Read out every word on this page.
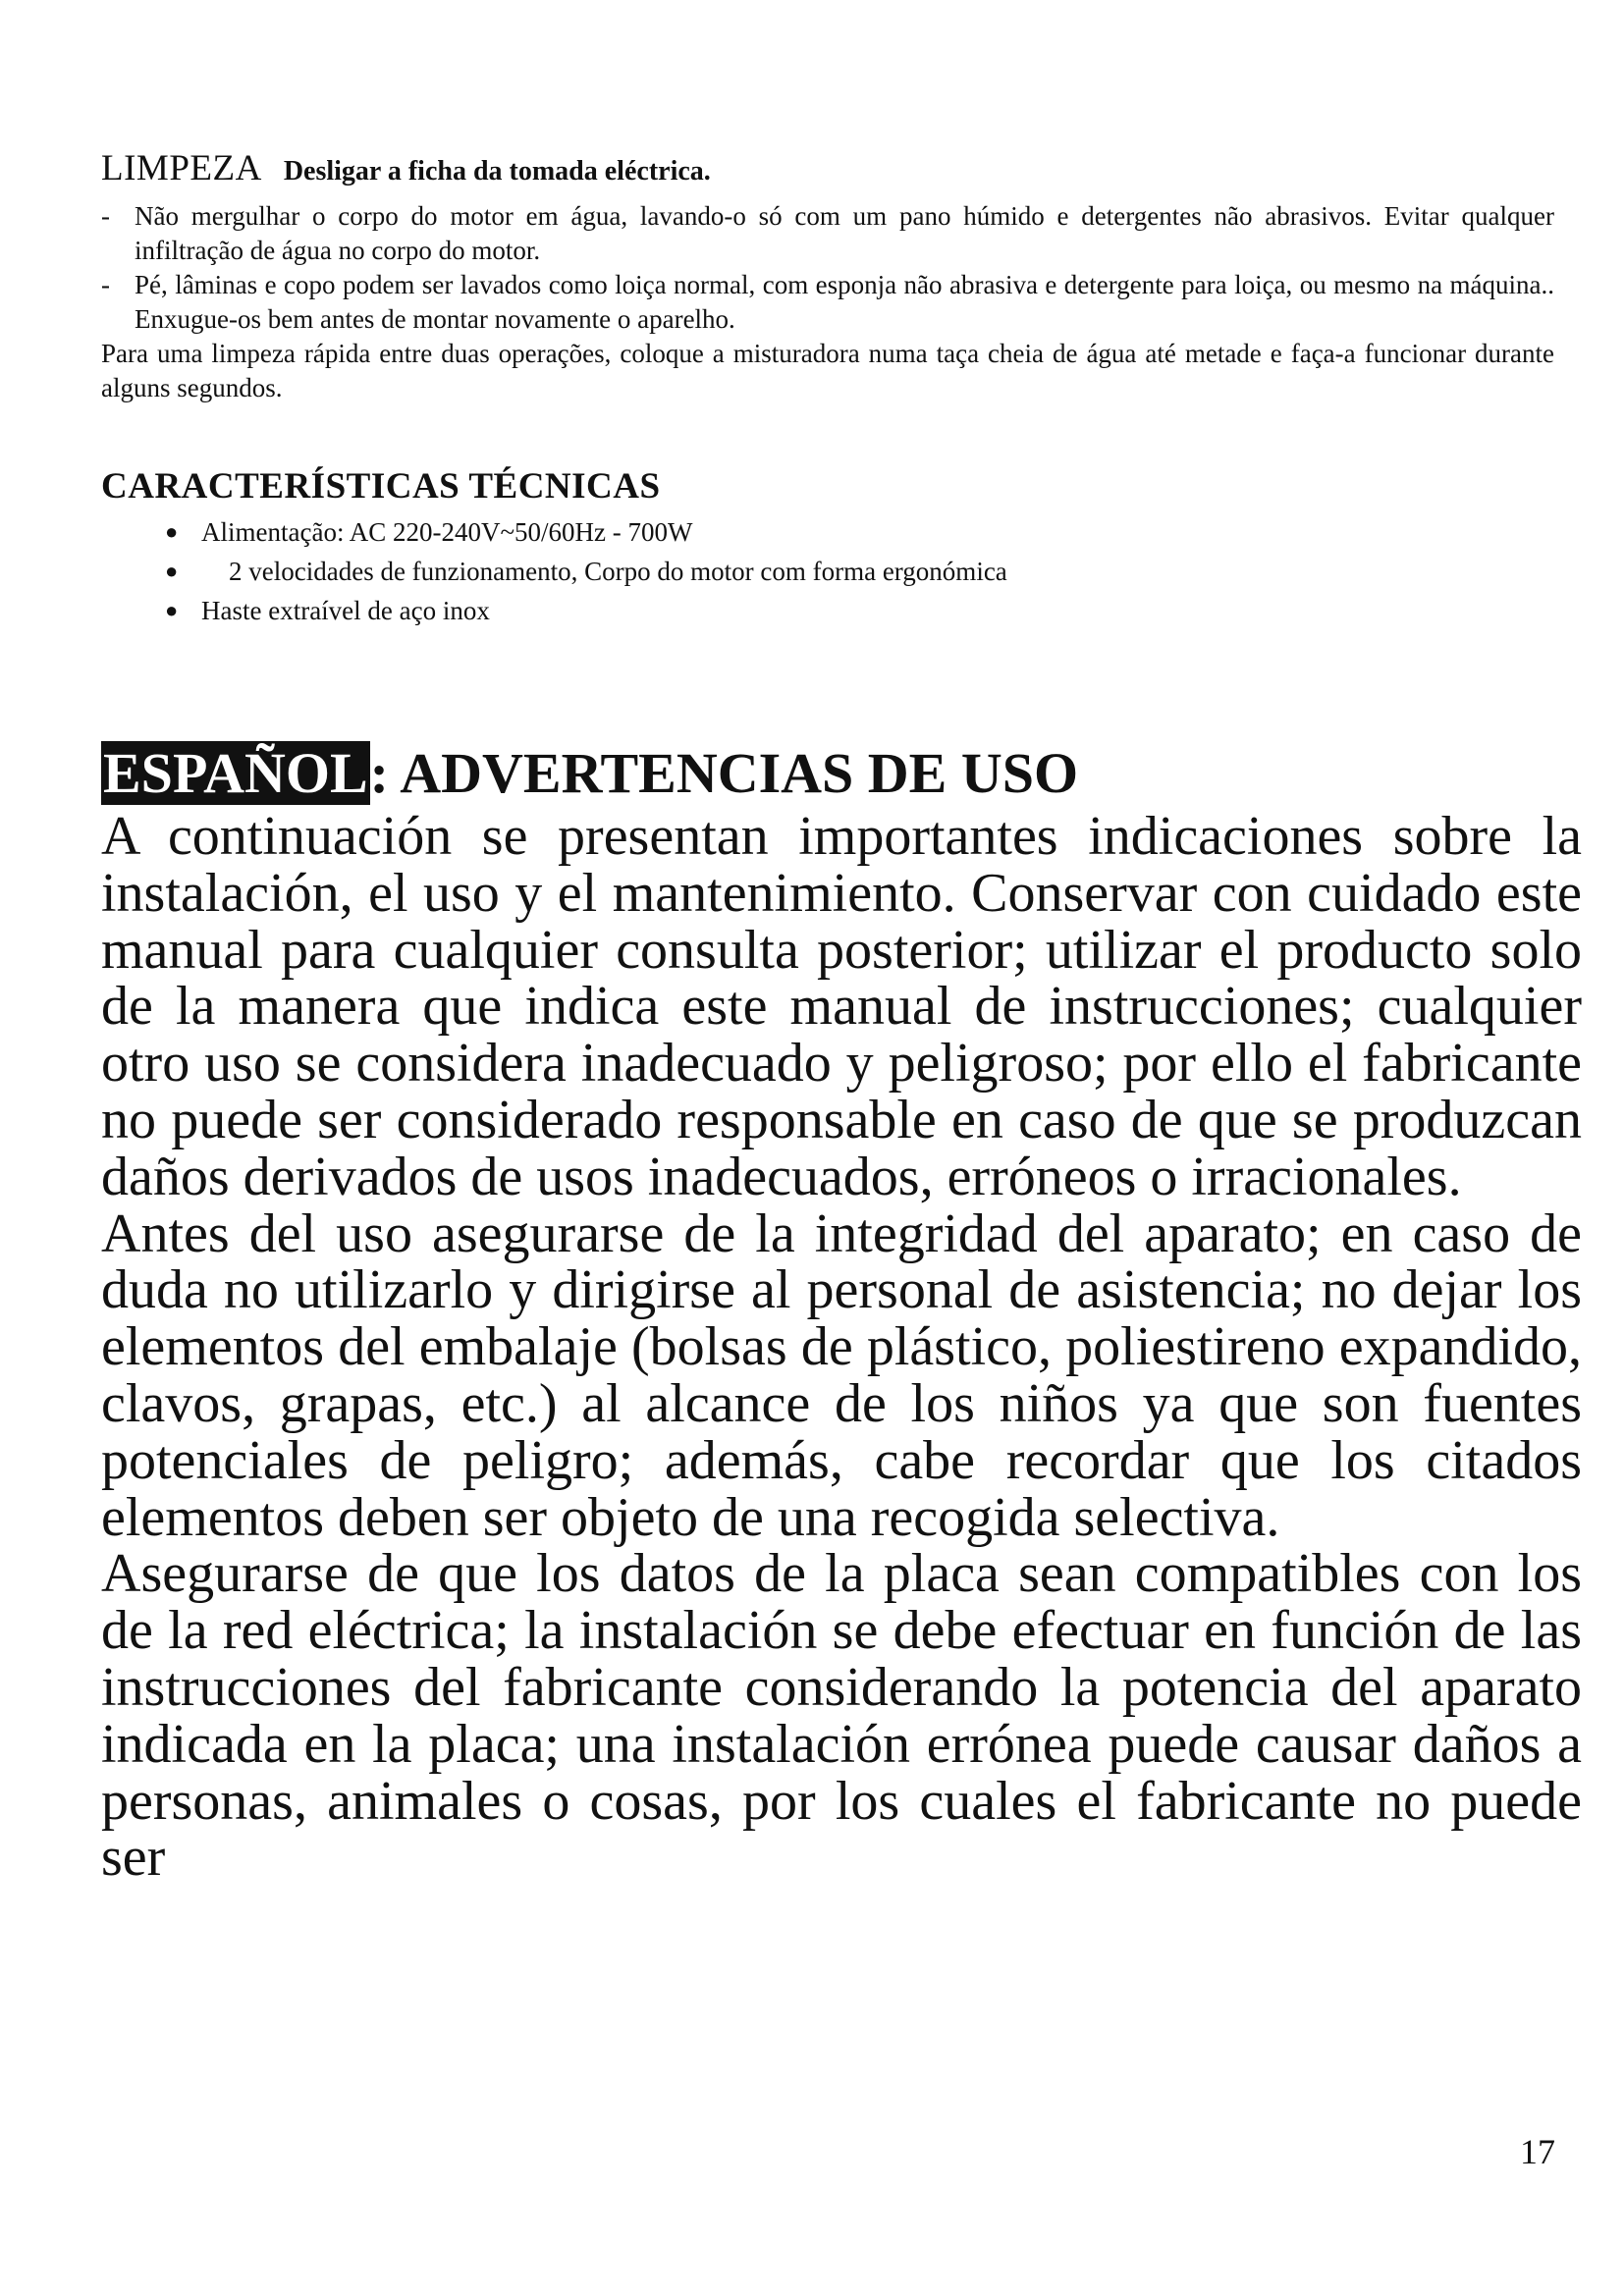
LIMPEZA Desligar a ficha da tomada eléctrica.

- Não mergulhar o corpo do motor em água, lavando-o só com um pano húmido e detergentes não abrasivos. Evitar qualquer infiltração de água no corpo do motor.
- Pé, lâminas e copo podem ser lavados como loiça normal, com esponja não abrasiva e detergente para loiça, ou mesmo na máquina.. Enxugue-os bem antes de montar novamente o aparelho.

Para uma limpeza rápida entre duas operações, coloque a misturadora numa taça cheia de água até metade e faça-a funcionar durante alguns segundos.

CARACTERÍSTICAS TÉCNICAS
● Alimentação: AC 220-240V~50/60Hz - 700W
● 2 velocidades de funzionamento, Corpo do motor com forma ergonómica
● Haste extraível de aço inox
ESPAÑOL: ADVERTENCIAS DE USO

A continuación se presentan importantes indicaciones sobre la instalación, el uso y el mantenimiento. Conservar con cuidado este manual para cualquier consulta posterior; utilizar el producto solo de la manera que indica este manual de instrucciones; cualquier otro uso se considera inadecuado y peligroso; por ello el fabricante no puede ser considerado responsable en caso de que se produzcan daños derivados de usos inadecuados, erróneos o irracionales.

Antes del uso asegurarse de la integridad del aparato; en caso de duda no utilizarlo y dirigirse al personal de asistencia; no dejar los elementos del embalaje (bolsas de plástico, poliestireno expandido, clavos, grapas, etc.) al alcance de los niños ya que son fuentes potenciales de peligro; además, cabe recordar que los citados elementos deben ser objeto de una recogida selectiva.

Asegurarse de que los datos de la placa sean compatibles con los de la red eléctrica; la instalación se debe efectuar en función de las instrucciones del fabricante considerando la potencia del aparato indicada en la placa; una instalación errónea puede causar daños a personas, animales o cosas, por los cuales el fabricante no puede ser

17
